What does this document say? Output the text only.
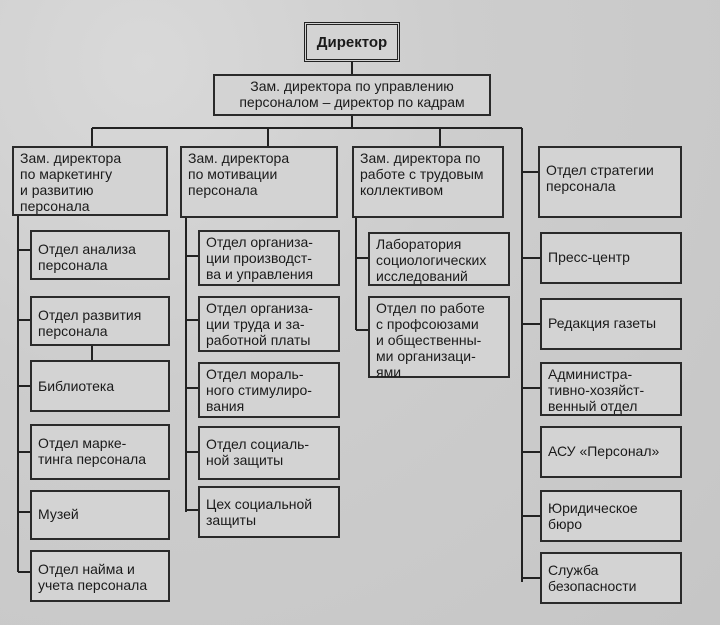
Директор
Зам. директора по управлению
персоналом – директор по кадрам
Зам. директора
по маркетингу
и развитию
персонала
Зам. директора
по мотивации
персонала
Зам. директора по
работе с трудовым
коллективом
Отдел стратегии
персонала
Отдел анализа
персонала
Отдел развития
персонала
Библиотека
Отдел марке-
тинга персонала
Музей
Отдел найма и
учета персонала
Отдел организа-
ции производст-
ва и управления
Отдел организа-
ции труда и за-
работной платы
Отдел мораль-
ного стимулиро-
вания
Отдел социаль-
ной защиты
Цех социальной
защиты
Лаборатория
социологических
исследований
Отдел по работе
с профсоюзами
и общественны-
ми организаци-
ями
Пресс-центр
Редакция газеты
Администра-
тивно-хозяйст-
венный отдел
АСУ «Персонал»
Юридическое
бюро
Служба
безопасности
